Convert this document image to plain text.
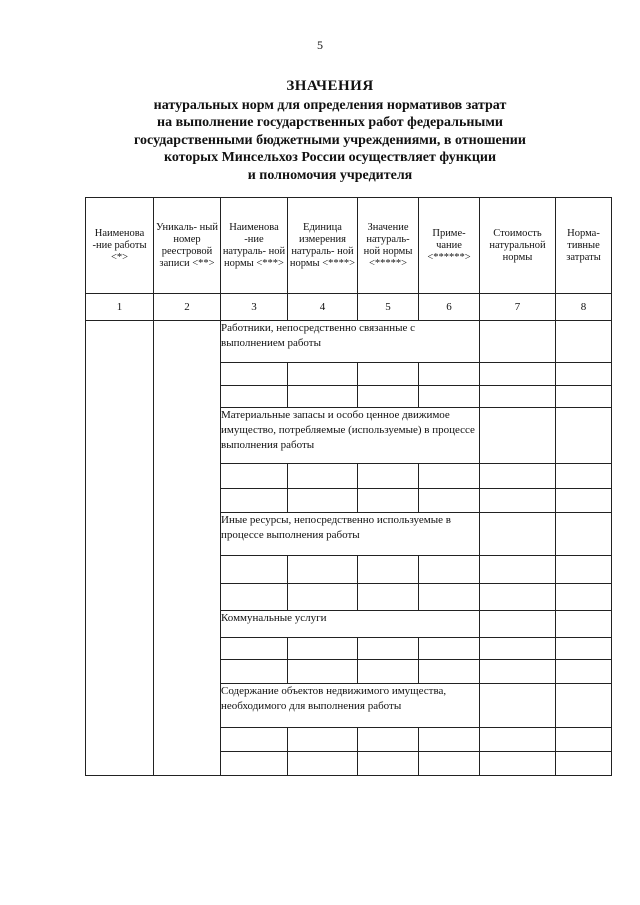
5
ЗНАЧЕНИЯ
натуральных норм для определения нормативов затрат
на выполнение государственных работ федеральными
государственными бюджетными учреждениями, в отношении
которых Минсельхоз России осуществляет функции
и полномочия учредителя
Наименова -ние работы <*>	Уникаль- ный номер реестровой записи <**>	Наименова -ние натураль- ной нормы <***>	Единица измерения натураль- ной нормы <****>	Значение натураль- ной нормы <*****>	Приме- чание <******>	Стоимость натуральной нормы	Норма- тивные затраты
1	2	3	4	5	6	7	8
		Работники, непосредственно связанные с выполнением работы					

		Материальные запасы и особо ценное движимое имущество, потребляемые (используемые) в процессе выполнения работы					

		Иные ресурсы, непосредственно используемые в процессе выполнения работы					

		Коммунальные услуги					

		Содержание объектов недвижимого имущества, необходимого для выполнения работы					
